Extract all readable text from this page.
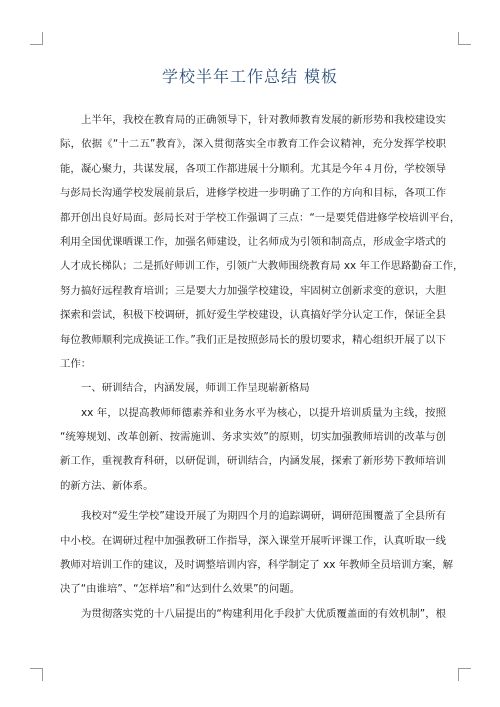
学校半年工作总结 模板
上半年，我校在教育局的正确领导下，针对教师教育发展的新形势和我校建设实
际，依据《“十二五”教育》，深入贯彻落实全市教育工作会议精神，充分发挥学校职
能，凝心聚力，共谋发展，各项工作都进展十分顺利。尤其是今年４月份，学校领导
与彭局长沟通学校发展前景后，进修学校进一步明确了工作的方向和目标，各项工作
都开创出良好局面。彭局长对于学校工作强调了三点：“一是要凭借进修学校培训平台，
利用全国优课晒课工作，加强名师建设，让名师成为引领和制高点，形成金字塔式的
人才成长梯队；二是抓好师训工作，引领广大教师围绕教育局 xx 年工作思路勤奋工作，
努力搞好远程教育培训；三是要大力加强学校建设，牢固树立创新求变的意识，大胆
探索和尝试，积极下校调研，抓好爱生学校建设，认真搞好学分认定工作，保证全县
每位教师顺利完成换证工作。”我们正是按照彭局长的殷切要求，精心组织开展了以下
工作：
一、研训结合，内涵发展，师训工作呈现崭新格局
xx 年，以提高教师师德素养和业务水平为核心，以提升培训质量为主线，按照
“统筹规划、改革创新、按需施训、务求实效”的原则，切实加强教师培训的改革与创
新工作，重视教育科研，以研促训，研训结合，内涵发展，探索了新形势下教师培训
的新方法、新体系。
我校对“爱生学校”建设开展了为期四个月的追踪调研，调研范围覆盖了全县所有
中小校。在调研过程中加强教研工作指导，深入课堂开展听评课工作，认真听取一线
教师对培训工作的建议，及时调整培训内容，科学制定了 xx 年教师全员培训方案，解
决了“由谁培”、“怎样培”和“达到什么效果”的问题。
为贯彻落实党的十八届提出的“构建利用化手段扩大优质覆盖面的有效机制”，根
